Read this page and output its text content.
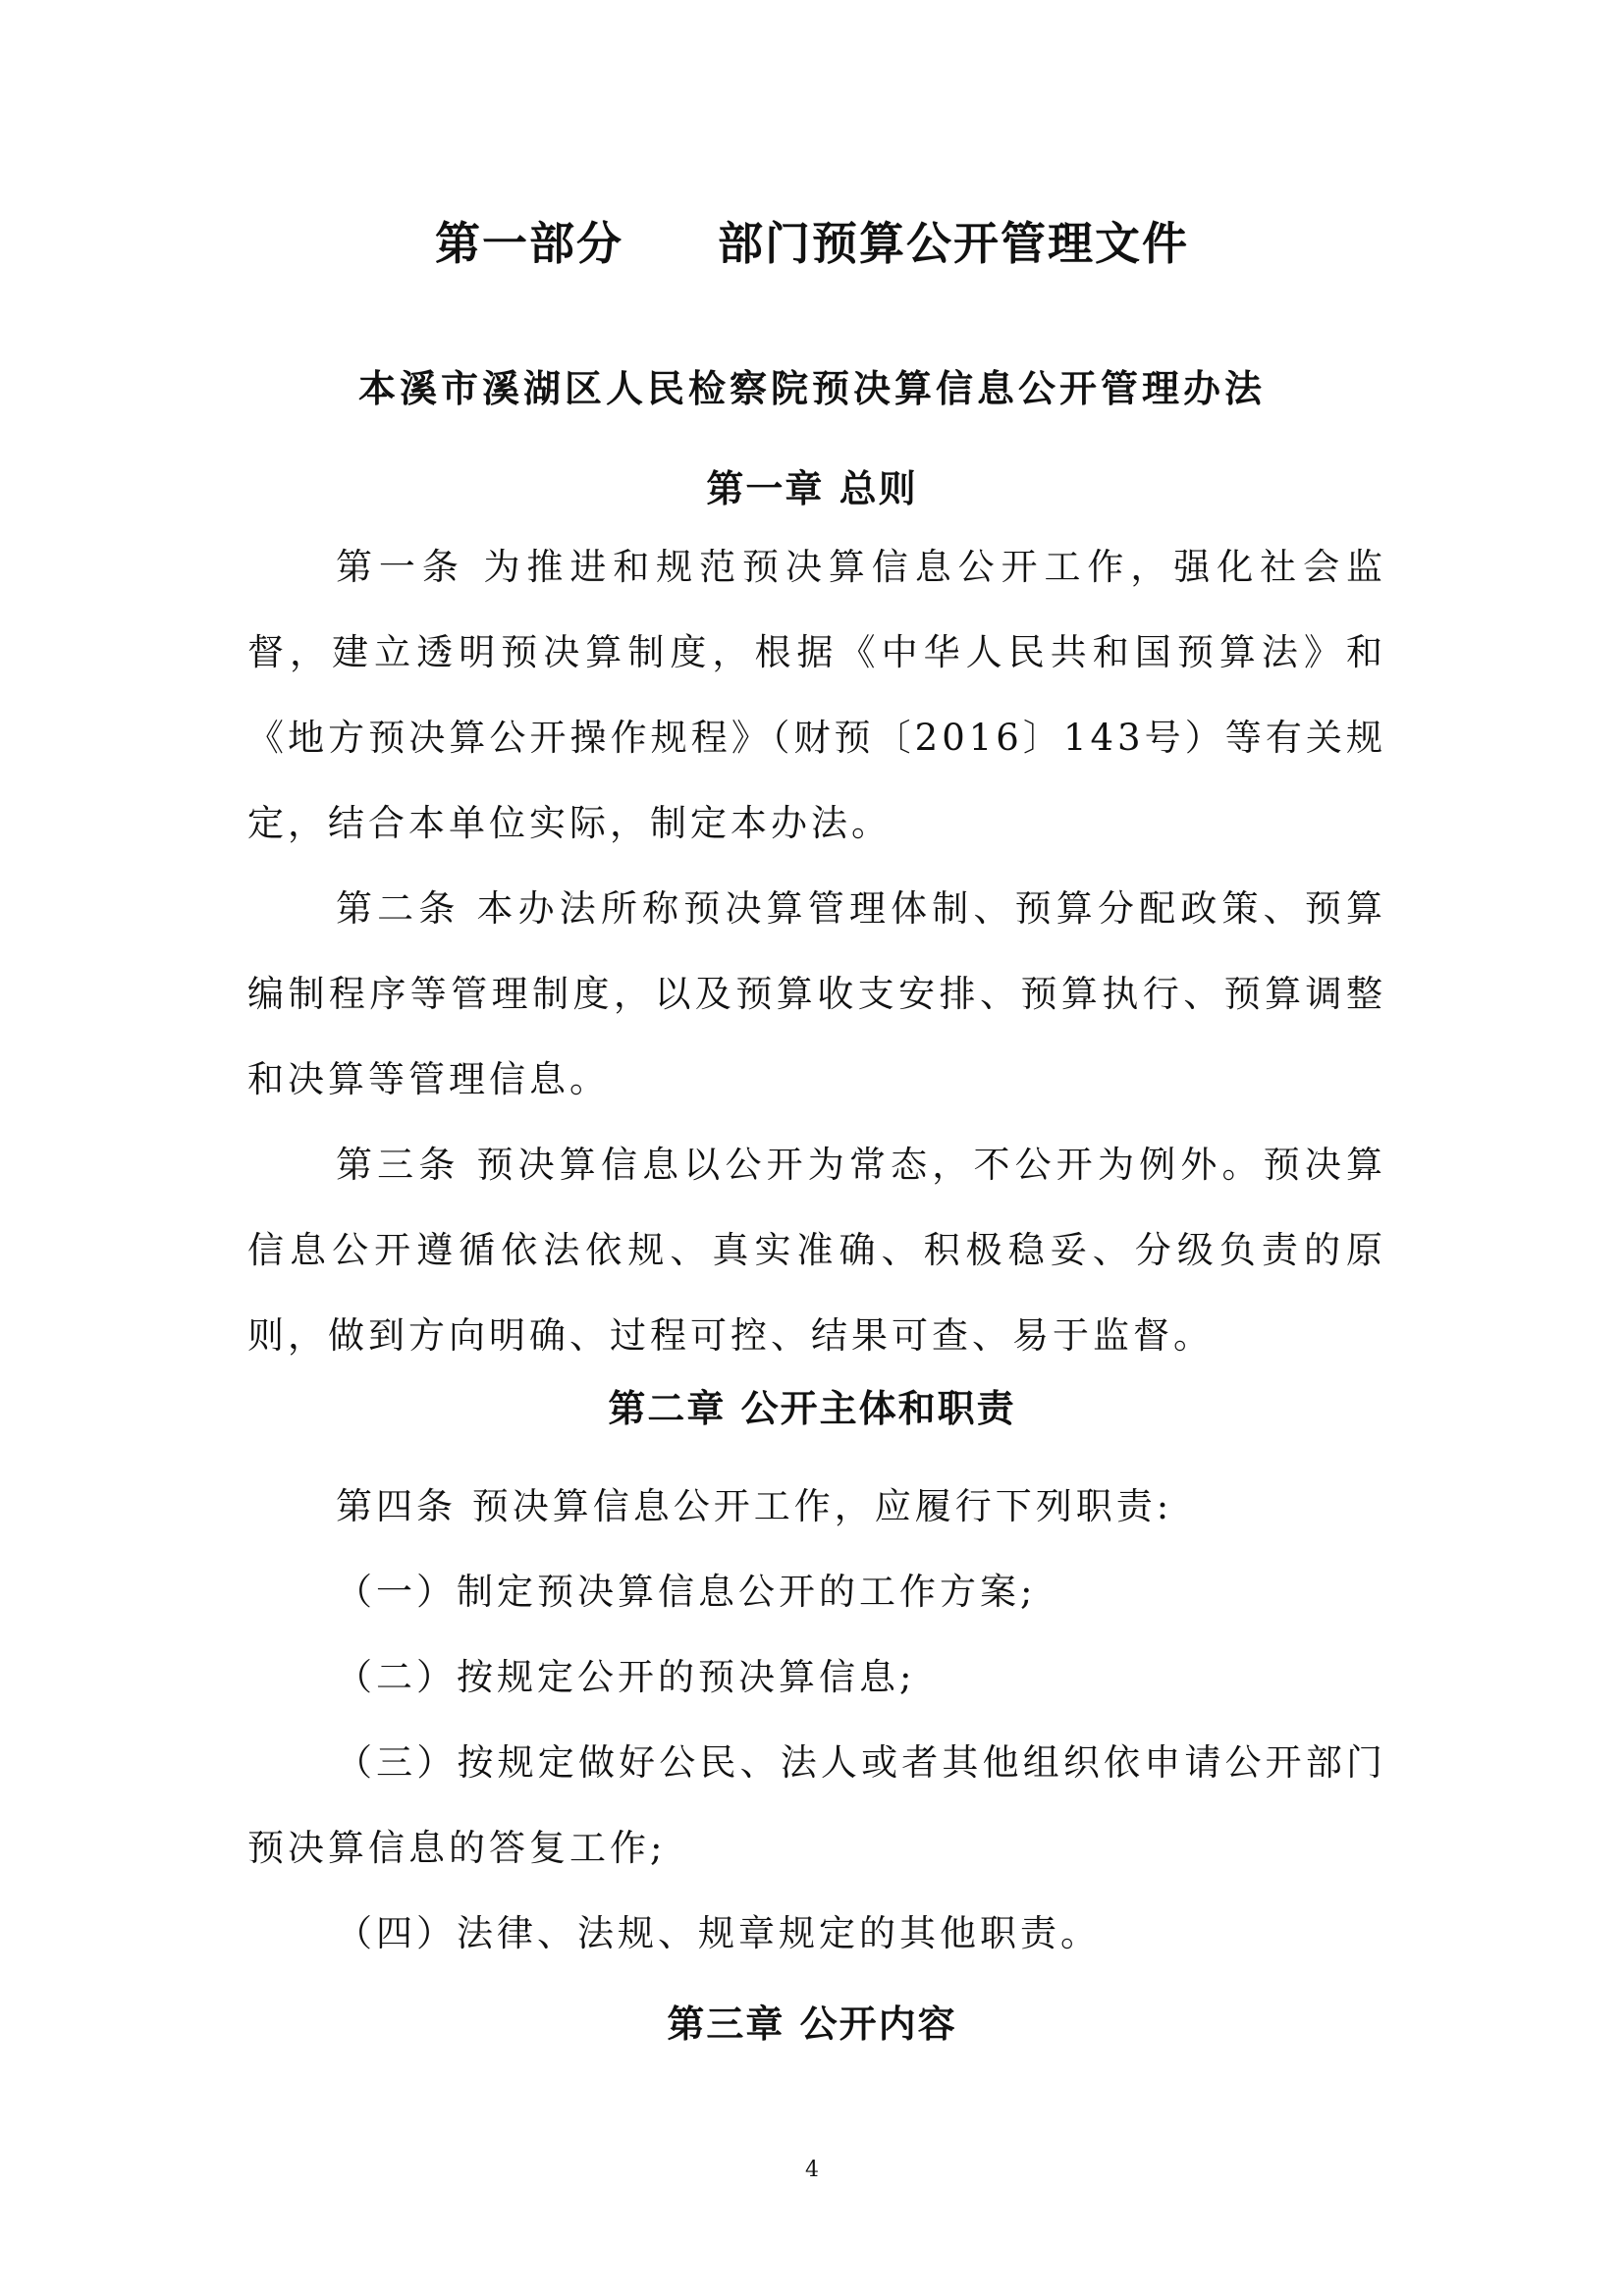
第一部分　　部门预算公开管理文件
本溪市溪湖区人民检察院预决算信息公开管理办法
第一章 总则
第一条 为推进和规范预决算信息公开工作，强化社会监督，建立透明预决算制度，根据《中华人民共和国预算法》和《地方预决算公开操作规程》（财预〔2016〕143号）等有关规定，结合本单位实际，制定本办法。
第二条 本办法所称预决算管理体制、预算分配政策、预算编制程序等管理制度，以及预算收支安排、预算执行、预算调整和决算等管理信息。
第三条 预决算信息以公开为常态，不公开为例外。预决算信息公开遵循依法依规、真实准确、积极稳妥、分级负责的原则，做到方向明确、过程可控、结果可查、易于监督。
第二章 公开主体和职责
第四条 预决算信息公开工作，应履行下列职责:
（一）制定预决算信息公开的工作方案;
（二）按规定公开的预决算信息;
（三）按规定做好公民、法人或者其他组织依申请公开部门预决算信息的答复工作;
（四）法律、法规、规章规定的其他职责。
第三章 公开内容
4
